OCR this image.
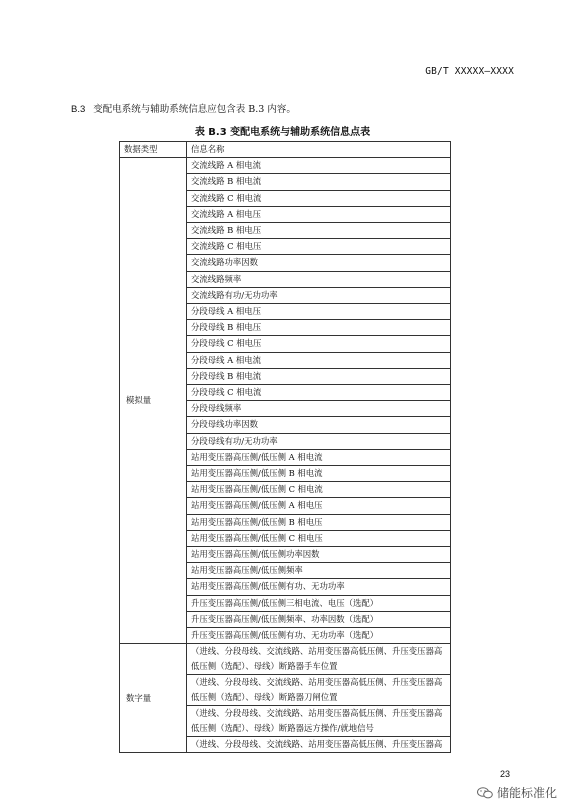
GB/T XXXXX—XXXX
B.3 变配电系统与辅助系统信息应包含表 B.3 内容。
表 B.3 变配电系统与辅助系统信息点表
数据类型	信息名称
模拟量	交流线路 A 相电流
	交流线路 B 相电流
	交流线路 C 相电流
	交流线路 A 相电压
	交流线路 B 相电压
	交流线路 C 相电压
	交流线路功率因数
	交流线路频率
	交流线路有功/无功功率
	分段母线 A 相电压
	分段母线 B 相电压
	分段母线 C 相电压
	分段母线 A 相电流
	分段母线 B 相电流
	分段母线 C 相电流
	分段母线频率
	分段母线功率因数
	分段母线有功/无功功率
	站用变压器高压侧/低压侧 A 相电流
	站用变压器高压侧/低压侧 B 相电流
	站用变压器高压侧/低压侧 C 相电流
	站用变压器高压侧/低压侧 A 相电压
	站用变压器高压侧/低压侧 B 相电压
	站用变压器高压侧/低压侧 C 相电压
	站用变压器高压侧/低压侧功率因数
	站用变压器高压侧/低压侧频率
	站用变压器高压侧/低压侧有功、无功功率
	升压变压器高压侧/低压侧三相电流、电压（选配）
	升压变压器高压侧/低压侧频率、功率因数（选配）
	升压变压器高压侧/低压侧有功、无功功率（选配）
数字量	（进线、分段母线、交流线路、站用变压器高低压侧、升压变压器高低压侧（选配）、母线）断路器手车位置
	（进线、分段母线、交流线路、站用变压器高低压侧、升压变压器高低压侧（选配）、母线）断路器刀闸位置
	（进线、分段母线、交流线路、站用变压器高低压侧、升压变压器高低压侧（选配）、母线）断路器远方操作/就地信号
	（进线、分段母线、交流线路、站用变压器高低压侧、升压变压器高
23
储能标准化
